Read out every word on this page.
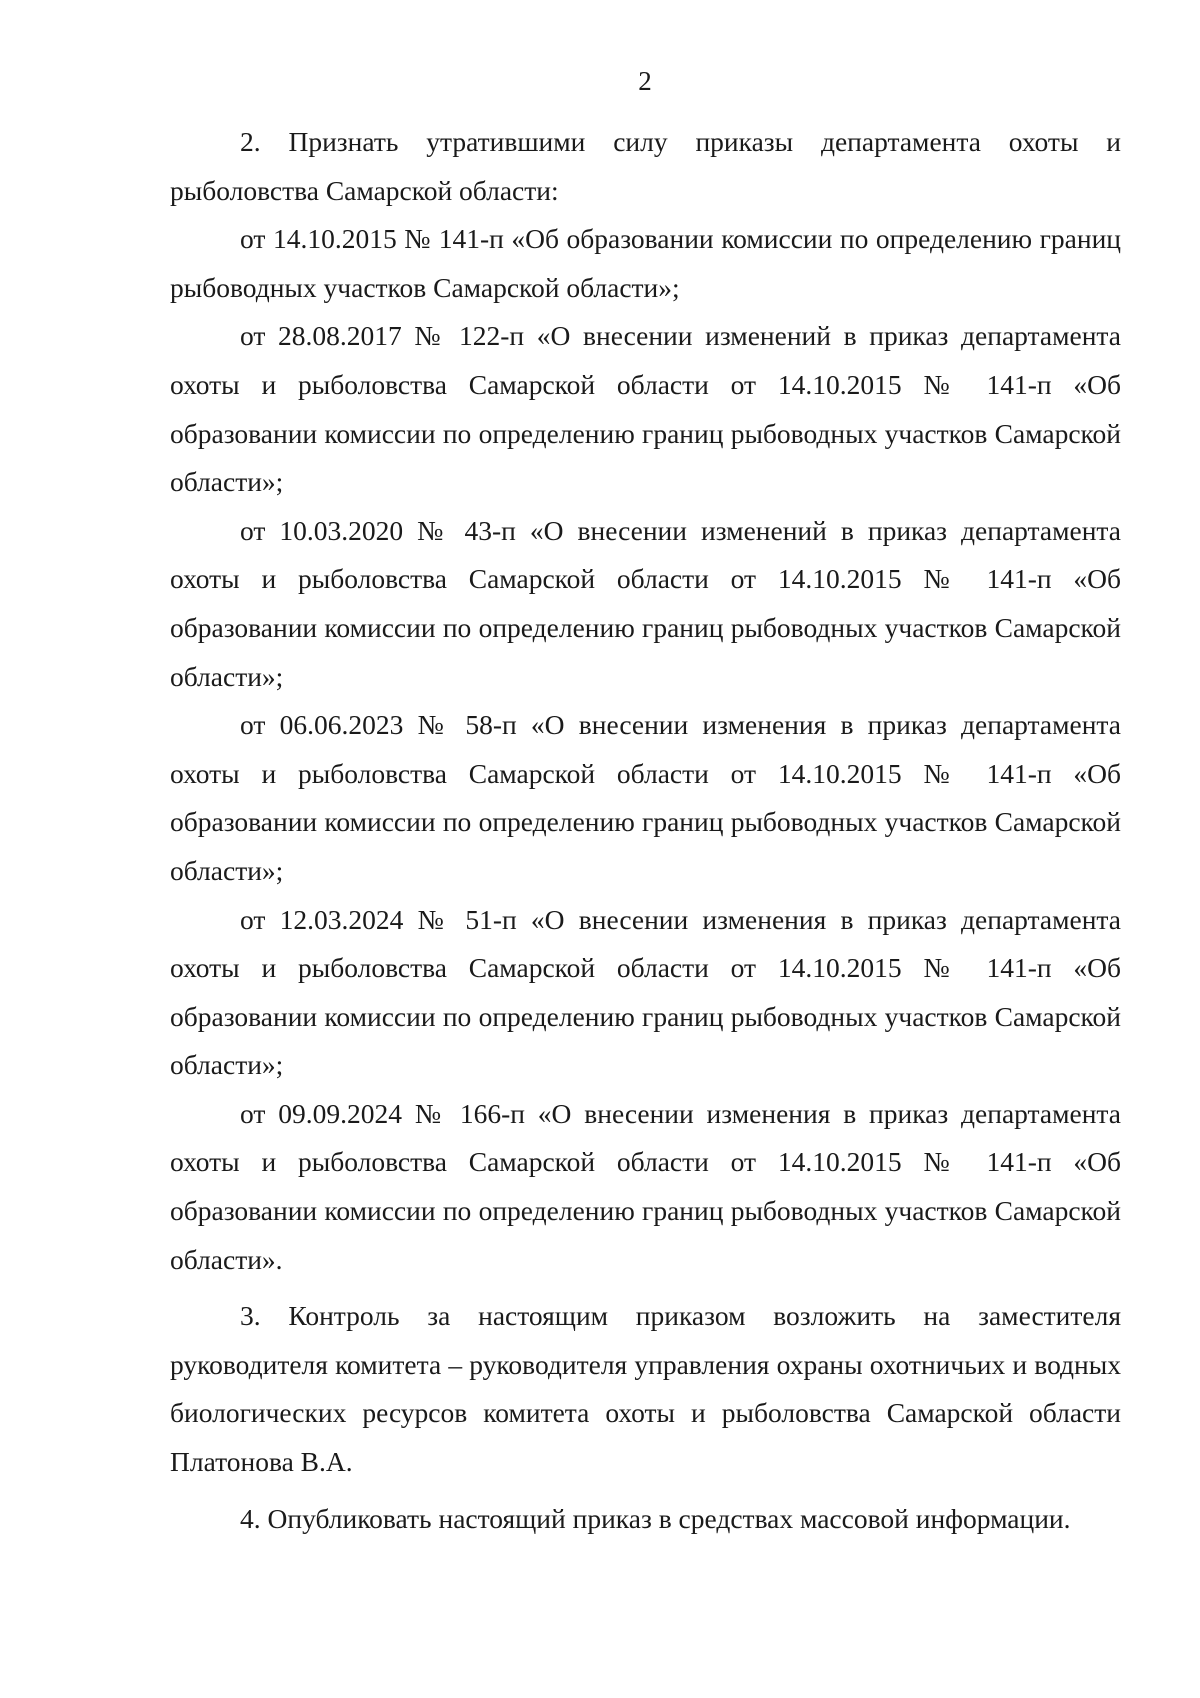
2

2. Признать утратившими силу приказы департамента охоты и рыболовства Самарской области:

от 14.10.2015 № 141-п «Об образовании комиссии по определению границ рыбоводных участков Самарской области»;

от 28.08.2017 № 122-п «О внесении изменений в приказ департамента охоты и рыболовства Самарской области от 14.10.2015 № 141-п «Об образовании комиссии по определению границ рыбоводных участков Самарской области»;

от 10.03.2020 № 43-п «О внесении изменений в приказ департамента охоты и рыболовства Самарской области от 14.10.2015 № 141-п «Об образовании комиссии по определению границ рыбоводных участков Самарской области»;

от 06.06.2023 № 58-п «О внесении изменения в приказ департамента охоты и рыболовства Самарской области от 14.10.2015 № 141-п «Об образовании комиссии по определению границ рыбоводных участков Самарской области»;

от 12.03.2024 № 51-п «О внесении изменения в приказ департамента охоты и рыболовства Самарской области от 14.10.2015 № 141-п «Об образовании комиссии по определению границ рыбоводных участков Самарской области»;

от 09.09.2024 № 166-п «О внесении изменения в приказ департамента охоты и рыболовства Самарской области от 14.10.2015 № 141-п «Об образовании комиссии по определению границ рыбоводных участков Самарской области».

3. Контроль за настоящим приказом возложить на заместителя руководителя комитета – руководителя управления охраны охотничьих и водных биологических ресурсов комитета охоты и рыболовства Самарской области Платонова В.А.

4. Опубликовать настоящий приказ в средствах массовой информации.
